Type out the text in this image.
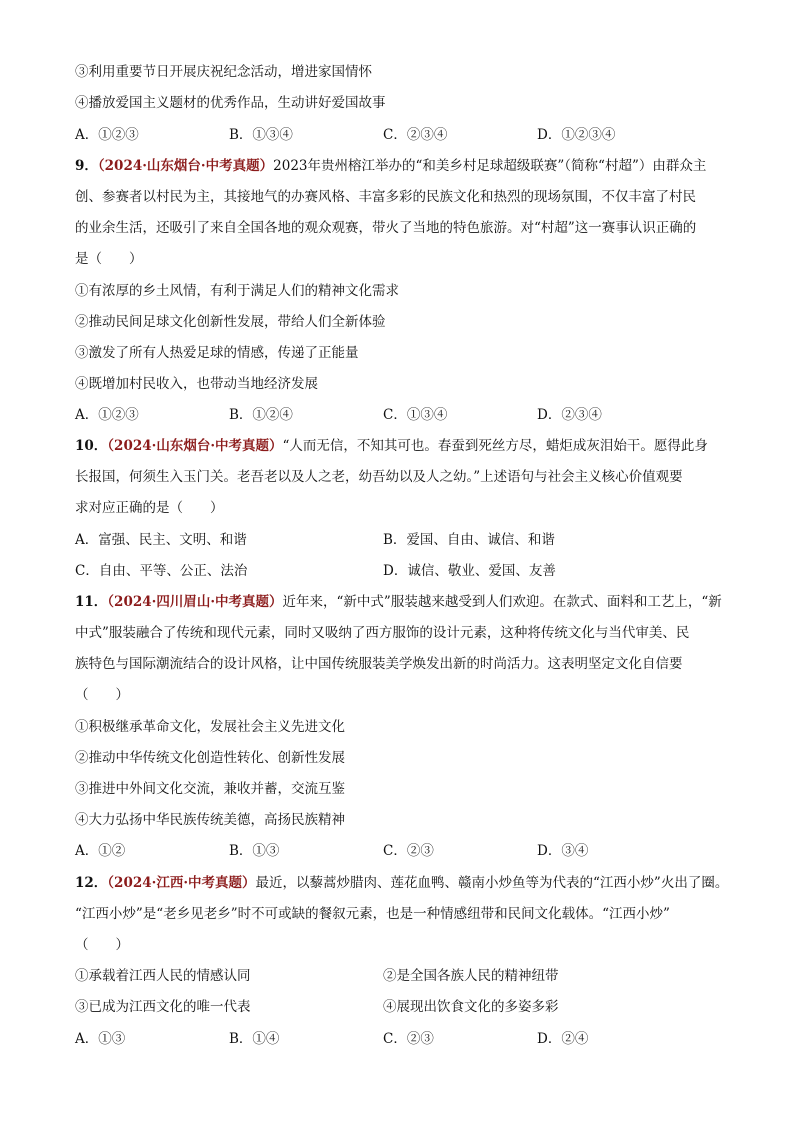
③利用重要节日开展庆祝纪念活动，增进家国情怀
④播放爱国主义题材的优秀作品，生动讲好爱国故事
A．①②③	B．①③④	C．②③④	D．①②③④
9．（2024·山东烟台·中考真题）2023年贵州榕江举办的“和美乡村足球超级联赛”（简称“村超”）由群众主
创、参赛者以村民为主，其接地气的办赛风格、丰富多彩的民族文化和热烈的现场氛围，不仅丰富了村民
的业余生活，还吸引了来自全国各地的观众观赛，带火了当地的特色旅游。对“村超”这一赛事认识正确的
是（　　）
①有浓厚的乡土风情，有利于满足人们的精神文化需求
②推动民间足球文化创新性发展，带给人们全新体验
③激发了所有人热爱足球的情感，传递了正能量
④既增加村民收入，也带动当地经济发展
A．①②③	B．①②④	C．①③④	D．②③④
10．（2024·山东烟台·中考真题）“人而无信，不知其可也。春蚕到死丝方尽，蜡炬成灰泪始干。愿得此身
长报国，何须生入玉门关。老吾老以及人之老，幼吾幼以及人之幼。”上述语句与社会主义核心价值观要
求对应正确的是（　　）
A．富强、民主、文明、和谐	B．爱国、自由、诚信、和谐
C．自由、平等、公正、法治	D．诚信、敬业、爱国、友善
11．（2024·四川眉山·中考真题）近年来，“新中式”服装越来越受到人们欢迎。在款式、面料和工艺上，“新
中式”服装融合了传统和现代元素，同时又吸纳了西方服饰的设计元素，这种将传统文化与当代审美、民
族特色与国际潮流结合的设计风格，让中国传统服装美学焕发出新的时尚活力。这表明坚定文化自信要
（　　）
①积极继承革命文化，发展社会主义先进文化
②推动中华传统文化创造性转化、创新性发展
③推进中外间文化交流，兼收并蓄，交流互鉴
④大力弘扬中华民族传统美德，高扬民族精神
A．①②	B．①③	C．②③	D．③④
12．（2024·江西·中考真题）最近，以藜蒿炒腊肉、莲花血鸭、赣南小炒鱼等为代表的“江西小炒”火出了圈。
“江西小炒”是“老乡见老乡”时不可或缺的餐叙元素，也是一种情感纽带和民间文化载体。“江西小炒”
（　　）
①承载着江西人民的情感认同	②是全国各族人民的精神纽带
③已成为江西文化的唯一代表	④展现出饮食文化的多姿多彩
A．①③	B．①④	C．②③	D．②④
